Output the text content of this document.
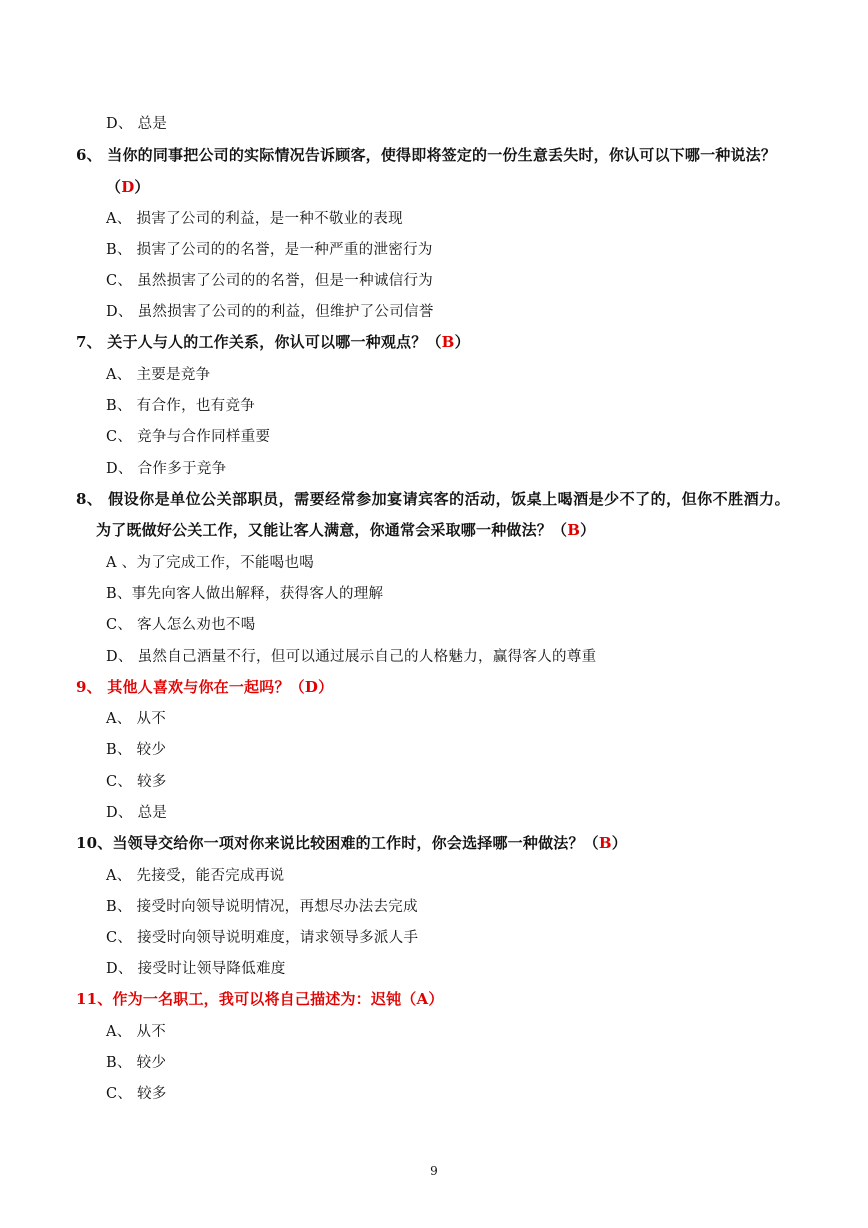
D、 总是
6、 当你的同事把公司的实际情况告诉顾客，使得即将签定的一份生意丢失时，你认可以下哪一种说法？
（D）
A、 损害了公司的利益，是一种不敬业的表现
B、 损害了公司的的名誉，是一种严重的泄密行为
C、 虽然损害了公司的的名誉，但是一种诚信行为
D、 虽然损害了公司的的利益，但维护了公司信誉
7、 关于人与人的工作关系，你认可以哪一种观点？（B）
A、 主要是竞争
B、 有合作，也有竞争
C、 竞争与合作同样重要
D、 合作多于竞争
8、 假设你是单位公关部职员，需要经常参加宴请宾客的活动，饭桌上喝酒是少不了的，但你不胜酒力。
为了既做好公关工作，又能让客人满意，你通常会采取哪一种做法？（B）
A 、为了完成工作，不能喝也喝
B、事先向客人做出解释，获得客人的理解
C、 客人怎么劝也不喝
D、 虽然自己酒量不行，但可以通过展示自己的人格魅力，赢得客人的尊重
9、 其他人喜欢与你在一起吗？（D）
A、 从不
B、 较少
C、 较多
D、 总是
10、当领导交给你一项对你来说比较困难的工作时，你会选择哪一种做法？（B）
A、 先接受，能否完成再说
B、 接受时向领导说明情况，再想尽办法去完成
C、 接受时向领导说明难度，请求领导多派人手
D、 接受时让领导降低难度
11、作为一名职工，我可以将自己描述为：迟钝（A）
A、 从不
B、 较少
C、 较多
9
